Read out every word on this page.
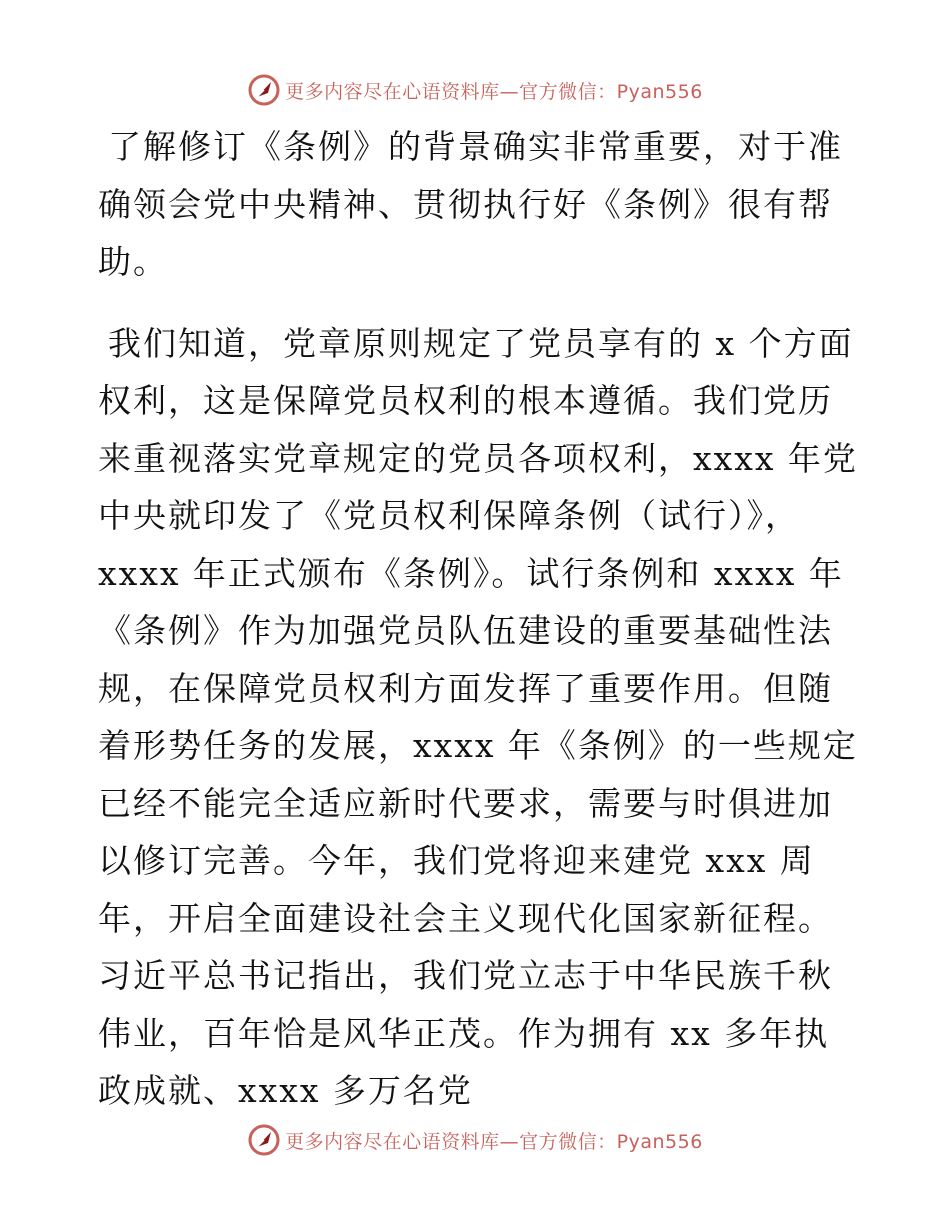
更多内容尽在心语资料库—官方微信：Pyan556

了解修订《条例》的背景确实非常重要，对于准确领会党中央精神、贯彻执行好《条例》很有帮助。

我们知道，党章原则规定了党员享有的 x 个方面权利，这是保障党员权利的根本遵循。我们党历来重视落实党章规定的党员各项权利，xxxx 年党中央就印发了《党员权利保障条例（试行）》，xxxx 年正式颁布《条例》。试行条例和 xxxx 年《条例》作为加强党员队伍建设的重要基础性法规，在保障党员权利方面发挥了重要作用。但随着形势任务的发展，xxxx 年《条例》的一些规定已经不能完全适应新时代要求，需要与时俱进加以修订完善。今年，我们党将迎来建党 xxx 周年，开启全面建设社会主义现代化国家新征程。习近平总书记指出，我们党立志于中华民族千秋伟业，百年恰是风华正茂。作为拥有 xx 多年执政成就、xxxx 多万名党

更多内容尽在心语资料库—官方微信：Pyan556
